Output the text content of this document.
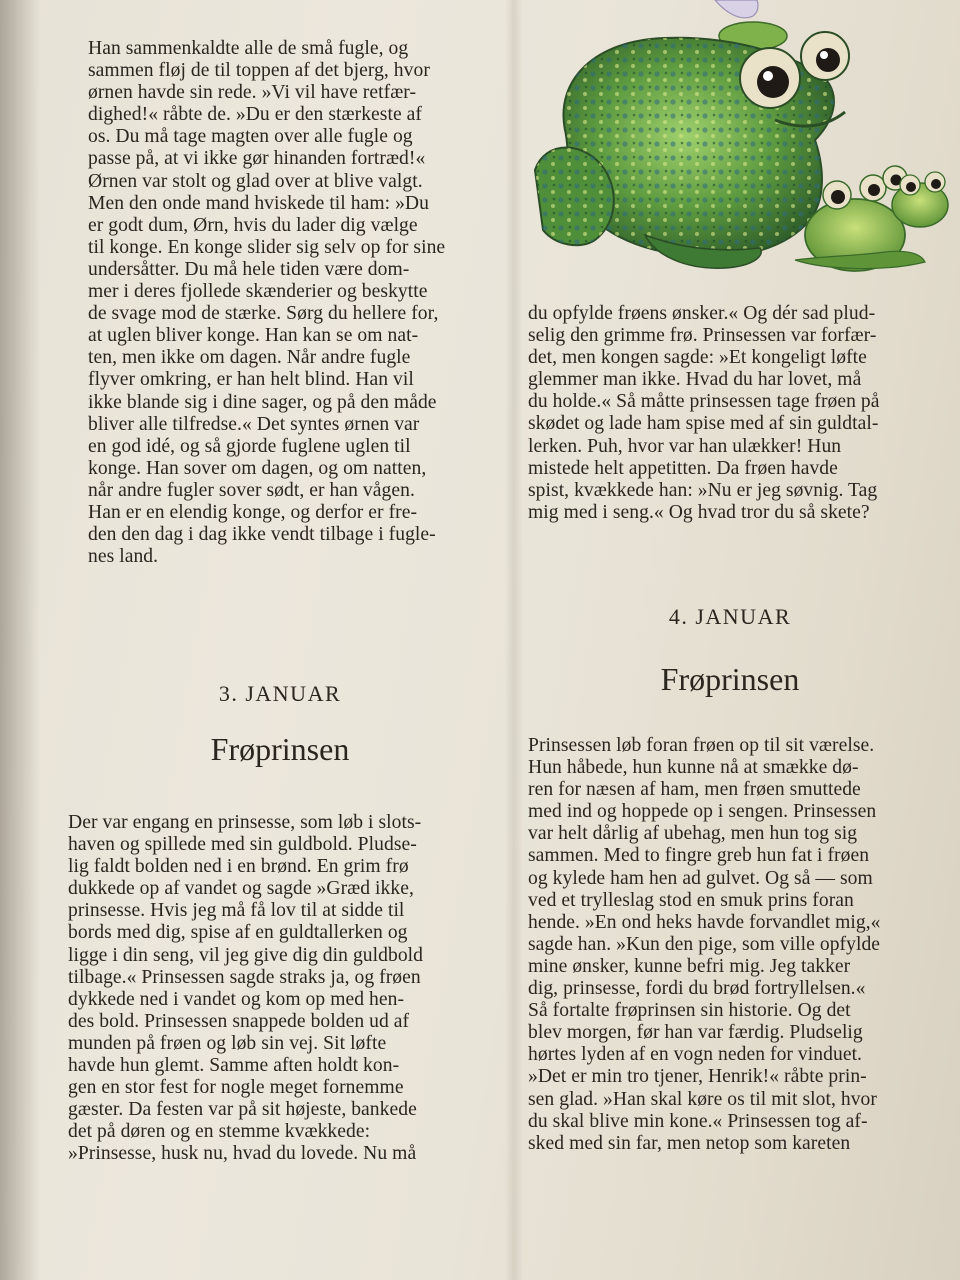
Han sammenkaldte alle de små fugle, og
sammen fløj de til toppen af det bjerg, hvor
ørnen havde sin rede. »Vi vil have retfær-
dighed!« råbte de. »Du er den stærkeste af
os. Du må tage magten over alle fugle og
passe på, at vi ikke gør hinanden fortræd!«
Ørnen var stolt og glad over at blive valgt.
Men den onde mand hviskede til ham: »Du
er godt dum, Ørn, hvis du lader dig vælge
til konge. En konge slider sig selv op for sine
undersåtter. Du må hele tiden være dom-
mer i deres fjollede skænderier og beskytte
de svage mod de stærke. Sørg du hellere for,
at uglen bliver konge. Han kan se om nat-
ten, men ikke om dagen. Når andre fugle
flyver omkring, er han helt blind. Han vil
ikke blande sig i dine sager, og på den måde
bliver alle tilfredse.« Det syntes ørnen var
en god idé, og så gjorde fuglene uglen til
konge. Han sover om dagen, og om natten,
når andre fugler sover sødt, er han vågen.
Han er en elendig konge, og derfor er fre-
den den dag i dag ikke vendt tilbage i fugle-
nes land.
3. JANUAR
Frøprinsen
Der var engang en prinsesse, som løb i slots-
haven og spillede med sin guldbold. Pludse-
lig faldt bolden ned i en brønd. En grim frø
dukkede op af vandet og sagde »Græd ikke,
prinsesse. Hvis jeg må få lov til at sidde til
bords med dig, spise af en guldtallerken og
ligge i din seng, vil jeg give dig din guldbold
tilbage.« Prinsessen sagde straks ja, og frøen
dykkede ned i vandet og kom op med hen-
des bold. Prinsessen snappede bolden ud af
munden på frøen og løb sin vej. Sit løfte
havde hun glemt. Samme aften holdt kon-
gen en stor fest for nogle meget fornemme
gæster. Da festen var på sit højeste, bankede
det på døren og en stemme kvækkede:
»Prinsesse, husk nu, hvad du lovede. Nu må
du opfylde frøens ønsker.« Og dér sad plud-
selig den grimme frø. Prinsessen var forfær-
det, men kongen sagde: »Et kongeligt løfte
glemmer man ikke. Hvad du har lovet, må
du holde.« Så måtte prinsessen tage frøen på
skødet og lade ham spise med af sin guldtal-
lerken. Puh, hvor var han ulækker! Hun
mistede helt appetitten. Da frøen havde
spist, kvækkede han: »Nu er jeg søvnig. Tag
mig med i seng.« Og hvad tror du så skete?
4. JANUAR
Frøprinsen
Prinsessen løb foran frøen op til sit værelse.
Hun håbede, hun kunne nå at smække dø-
ren for næsen af ham, men frøen smuttede
med ind og hoppede op i sengen. Prinsessen
var helt dårlig af ubehag, men hun tog sig
sammen. Med to fingre greb hun fat i frøen
og kylede ham hen ad gulvet. Og så — som
ved et trylleslag stod en smuk prins foran
hende. »En ond heks havde forvandlet mig,«
sagde han. »Kun den pige, som ville opfylde
mine ønsker, kunne befri mig. Jeg takker
dig, prinsesse, fordi du brød fortryllelsen.«
Så fortalte frøprinsen sin historie. Og det
blev morgen, før han var færdig. Pludselig
hørtes lyden af en vogn neden for vinduet.
»Det er min tro tjener, Henrik!« råbte prin-
sen glad. »Han skal køre os til mit slot, hvor
du skal blive min kone.« Prinsessen tog af-
sked med sin far, men netop som kareten
